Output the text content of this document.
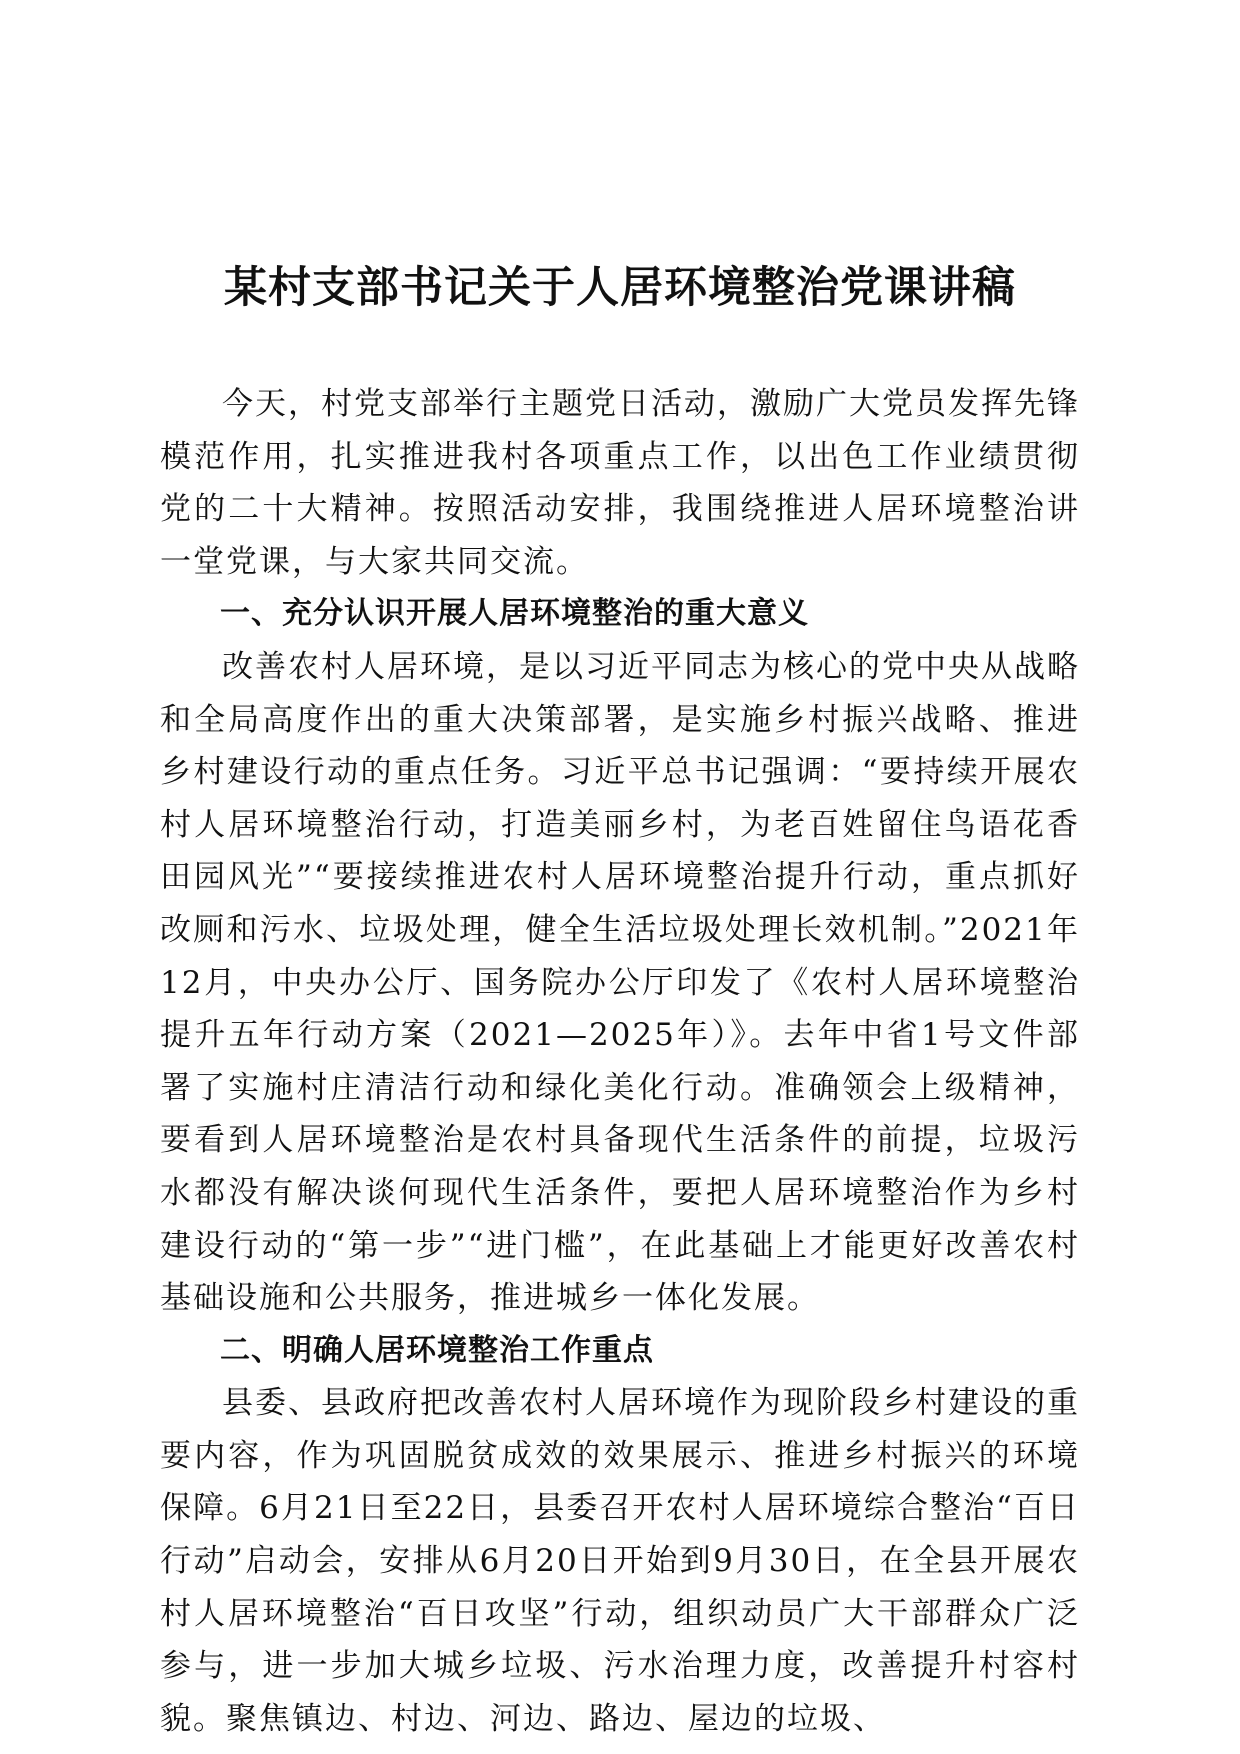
某村支部书记关于人居环境整治党课讲稿

今天，村党支部举行主题党日活动，激励广大党员发挥先锋模范作用，扎实推进我村各项重点工作，以出色工作业绩贯彻党的二十大精神。按照活动安排，我围绕推进人居环境整治讲一堂党课，与大家共同交流。

一、充分认识开展人居环境整治的重大意义

改善农村人居环境，是以习近平同志为核心的党中央从战略和全局高度作出的重大决策部署，是实施乡村振兴战略、推进乡村建设行动的重点任务。习近平总书记强调：“要持续开展农村人居环境整治行动，打造美丽乡村，为老百姓留住鸟语花香田园风光”“要接续推进农村人居环境整治提升行动，重点抓好改厕和污水、垃圾处理，健全生活垃圾处理长效机制。”2021年12月，中央办公厅、国务院办公厅印发了《农村人居环境整治提升五年行动方案（2021—2025年）》。去年中省1号文件部署了实施村庄清洁行动和绿化美化行动。准确领会上级精神，要看到人居环境整治是农村具备现代生活条件的前提，垃圾污水都没有解决谈何现代生活条件，要把人居环境整治作为乡村建设行动的“第一步”“进门槛”，在此基础上才能更好改善农村基础设施和公共服务，推进城乡一体化发展。

二、明确人居环境整治工作重点

县委、县政府把改善农村人居环境作为现阶段乡村建设的重要内容，作为巩固脱贫成效的效果展示、推进乡村振兴的环境保障。6月21日至22日，县委召开农村人居环境综合整治“百日行动”启动会，安排从6月20日开始到9月30日，在全县开展农村人居环境整治“百日攻坚”行动，组织动员广大干部群众广泛参与，进一步加大城乡垃圾、污水治理力度，改善提升村容村貌。聚焦镇边、村边、河边、路边、屋边的垃圾、
